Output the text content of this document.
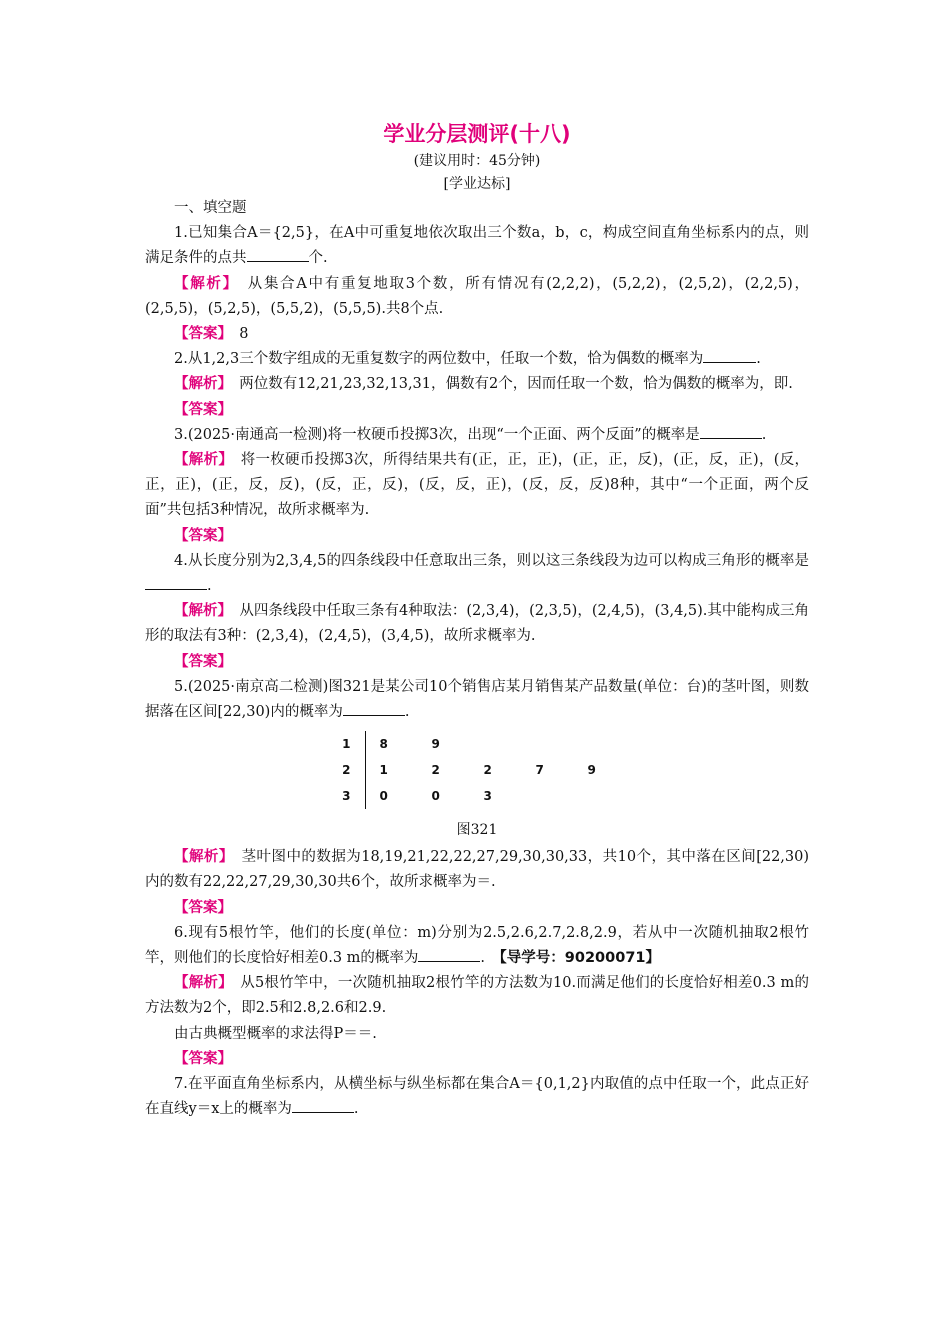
学业分层测评(十八)
(建议用时：45分钟)
[学业达标]

一、填空题

1.已知集合A＝{2,5}，在A中可重复地依次取出三个数a，b，c，构成空间直角坐标系内的点，则满足条件的点共	个.

【解析】　 从集合A中有重复地取3个数，所有情况有(2,2,2)，(5,2,2)，(2,5,2)，(2,2,5)，(2,5,5)，(5,2,5)，(5,5,2)，(5,5,5).共8个点.

【答案】　 8

2.从1,2,3三个数字组成的无重复数字的两位数中，任取一个数，恰为偶数的概率为	.

【解析】　 两位数有12,21,23,32,13,31，偶数有2个，因而任取一个数，恰为偶数的概率为，即.

【答案】　

3.(2025·南通高一检测)将一枚硬币投掷3次，出现“一个正面、两个反面”的概率是	.

【解析】　 将一枚硬币投掷3次，所得结果共有(正，正，正)，(正，正，反)，(正，反，正)，(反，正，正)，(正，反，反)，(反，正，反)，(反，反，正)，(反，反，反)8种，其中“一个正面，两个反面”共包括3种情况，故所求概率为.

【答案】　

4.从长度分别为2,3,4,5的四条线段中任意取出三条，则以这三条线段为边可以构成三角形的概率是.

【解析】　 从四条线段中任取三条有4种取法：(2,3,4)，(2,3,5)，(2,4,5)，(3,4,5).其中能构成三角形的取法有3种：(2,3,4)，(2,4,5)，(3,4,5)，故所求概率为.

【答案】　

5.(2025·南京高二检测)图321是某公司10个销售店某月销售某产品数量(单位：台)的茎叶图，则数据落在区间[22,30)内的概率为	.

1	8	9			
2	1	2	2	7	9
3	0	0	3		
图321

【解析】　 茎叶图中的数据为18,19,21,22,22,27,29,30,30,33，共10个，其中落在区间[22,30)内的数有22,22,27,29,30,30共6个，故所求概率为＝.

【答案】　

6.现有5根竹竿，他们的长度(单位：m)分别为2.5,2.6,2.7,2.8,2.9，若从中一次随机抽取2根竹竿，则他们的长度恰好相差0.3 m的概率为	.　 【导学号：90200071】

【解析】　 从5根竹竿中，一次随机抽取2根竹竿的方法数为10.而满足他们的长度恰好相差0.3 m的方法数为2个，即2.5和2.8,2.6和2.9.

由古典概型概率的求法得P＝＝.

【答案】　

7.在平面直角坐标系内，从横坐标与纵坐标都在集合A＝{0,1,2}内取值的点中任取一个，此点正好在直线y＝x上的概率为	.
